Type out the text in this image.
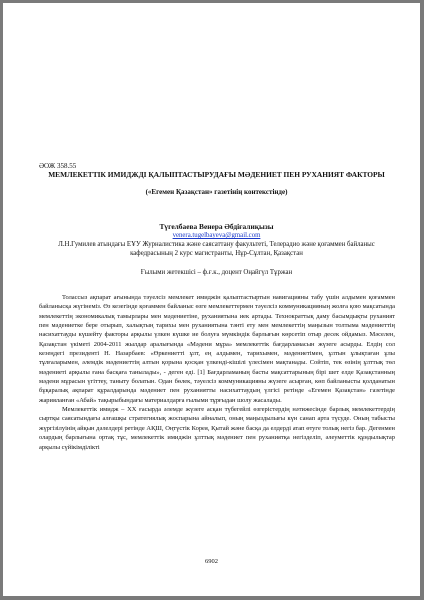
ӘОЖ 358.55
МЕМЛЕКЕТТІК ИМИДЖДІ ҚАЛЫПТАСТЫРУДАҒЫ МӘДЕНИЕТ ПЕН РУХАНИЯТ ФАКТОРЫ
(«Егемен Қазақстан» газетінің контекстінде)
Түгелбаева Венера Әбдіғалиқызы
venera.tugelbayeva@gmail.com
Л.Н.Гумилев атындағы ЕҰУ Журналистика және саясаттану факультеті, Телерадио және қоғаммен байланыс кафедрасының 2 курс магистранты, Нұр-Сұлтан, Қазақстан
Ғылыми жетекшісі – ф.ғ.к., доцент Оңайгүл Тұржан

Толассыз ақпарат ағынында тәуелсіз мемлекет имиджін қалыптастыртын навигацияны табу үшін алдымен қоғаммен байланысқа жүгінеміз. Өз кезегінде қоғаммен байланыс өзге мемлекеттермен тәуелсіз коммуникацияның жолға қою мақсатында мемлекеттің экономикалық тамырлары мен мәдениетіне, руханиятына иек артады. Технократтық даму басымдықты руханият пен мәдениетке бере отырып, халықтың тарихы мен руханиятына тәнті ету мен мемлекеттің маңызын толтыма мәдениеттің насихаттауды күшейту факторы арқылы үлкен күшке ие болуға мүмкіндік барлығын көрсетіп отыр десек ойдамыз. Мәселен, Қазақстан үкіметі 2004-2011 жылдар аралығында «Мәдени мұра» мемлекеттік бағдарламасын жүзеге асырды. Елдің сол кезеңдегі президенті Н. Назарбаев: «Өркениетті ұлт, ең алдымен, тарихымен, мәдениетімен, ұлтын ұлықтаған ұлы тұлғаларымен, әлемдік мәдениеттің алтын қорына қосқан үлкенді-кішілі үлесімен мақтанады. Сойтіп, тек өзінің ұлттық төл мәдениеті арқылы ғана басқаға танылады», - деген еді. [1] Бағдарламаның басты мақсаттарының бірі шет елде Қазақстанның мәдени мұрасын үгіттеу, таныту болатын. Одан бөлек, тәуелсіз коммуникацияны жүзеге асырған, көп байланысты қолданатын бұқаралық ақпарат құралдарында мәдениет пен руханиятты насихаттаудың үлгісі ретінде «Егемен Қазақстан» газетінде жарияланған «Абай» тақырыбындағы материалдарға ғылыми тұрғыдан шолу жасалады.

Мемлекеттік имидж – ХХ ғасырда әлемде жүзеге асқан түбегейлі өзгерістердің нәтижесінде барлық мемлекеттердің сыртқы саясатындағы алғашқы стратегиялық жоспарына айналып, оның маңыздылығы күн санап арта түсуде. Оның табысты жүргізілуінің айқын дәлелдері ретінде АҚШ, Оңтүстік Корея, Қытай және басқа да елдерді атап өтуге толық негіз бар. Дегенмен олардың барлығына ортақ тұс, мемлекеттік имиджін ұлттық мәдениет пен руханиятқа негізделіп, әлеуметтік құндылықтар арқылы сүйікімділікті

6902
